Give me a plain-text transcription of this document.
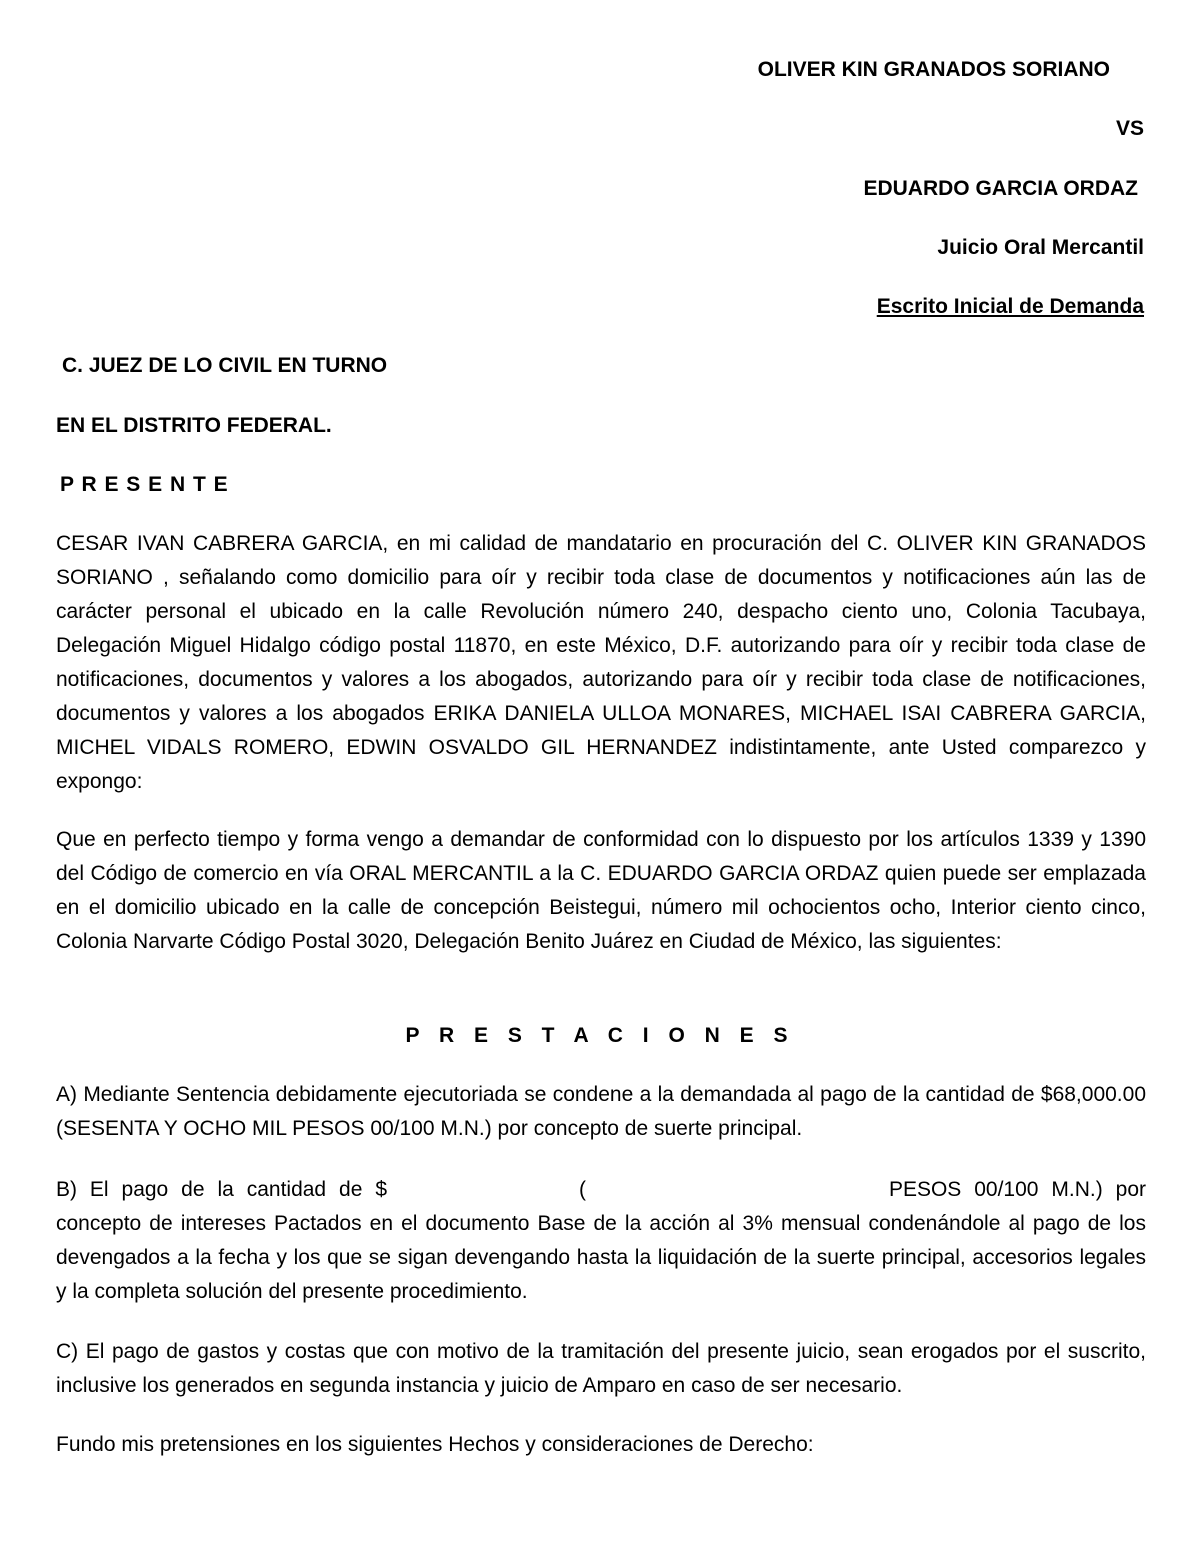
OLIVER KIN GRANADOS SORIANO
VS
EDUARDO GARCIA ORDAZ
Juicio Oral Mercantil
Escrito Inicial de Demanda
C. JUEZ DE LO CIVIL EN TURNO
EN EL DISTRITO FEDERAL.
P R E S E N T E
CESAR IVAN CABRERA GARCIA, en mi calidad de mandatario en procuración del C. OLIVER KIN GRANADOS SORIANO , señalando como domicilio para oír y recibir toda clase de documentos y notificaciones aún las de carácter personal el ubicado en la calle Revolución número 240, despacho ciento uno, Colonia Tacubaya, Delegación Miguel Hidalgo código postal 11870, en este México, D.F. autorizando para oír y recibir toda clase de notificaciones, documentos y valores a los abogados, autorizando para oír y recibir toda clase de notificaciones, documentos y valores a los abogados ERIKA DANIELA ULLOA MONARES, MICHAEL ISAI CABRERA GARCIA, MICHEL VIDALS ROMERO, EDWIN OSVALDO GIL HERNANDEZ indistintamente, ante Usted comparezco y expongo:
Que en perfecto tiempo y forma vengo a demandar de conformidad con lo dispuesto por los artículos 1339 y 1390 del Código de comercio en vía ORAL MERCANTIL a la C. EDUARDO GARCIA ORDAZ quien puede ser emplazada en el domicilio ubicado en la calle de concepción Beistegui, número mil ochocientos ocho, Interior ciento cinco, Colonia Narvarte Código Postal 3020, Delegación Benito Juárez en Ciudad de México, las siguientes:
P R E S T A C I O N E S
A) Mediante Sentencia debidamente ejecutoriada se condene a la demandada al pago de la cantidad de $68,000.00 (SESENTA Y OCHO MIL PESOS 00/100 M.N.) por concepto de suerte principal.
B) El pago de la cantidad de $	(	PESOS 00/100 M.N.) por concepto de intereses Pactados en el documento Base de la acción al 3% mensual condenándole al pago de los devengados a la fecha y los que se sigan devengando hasta la liquidación de la suerte principal, accesorios legales y la completa solución del presente procedimiento.
C) El pago de gastos y costas que con motivo de la tramitación del presente juicio, sean erogados por el suscrito, inclusive los generados en segunda instancia y juicio de Amparo en caso de ser necesario.
Fundo mis pretensiones en los siguientes Hechos y consideraciones de Derecho:
